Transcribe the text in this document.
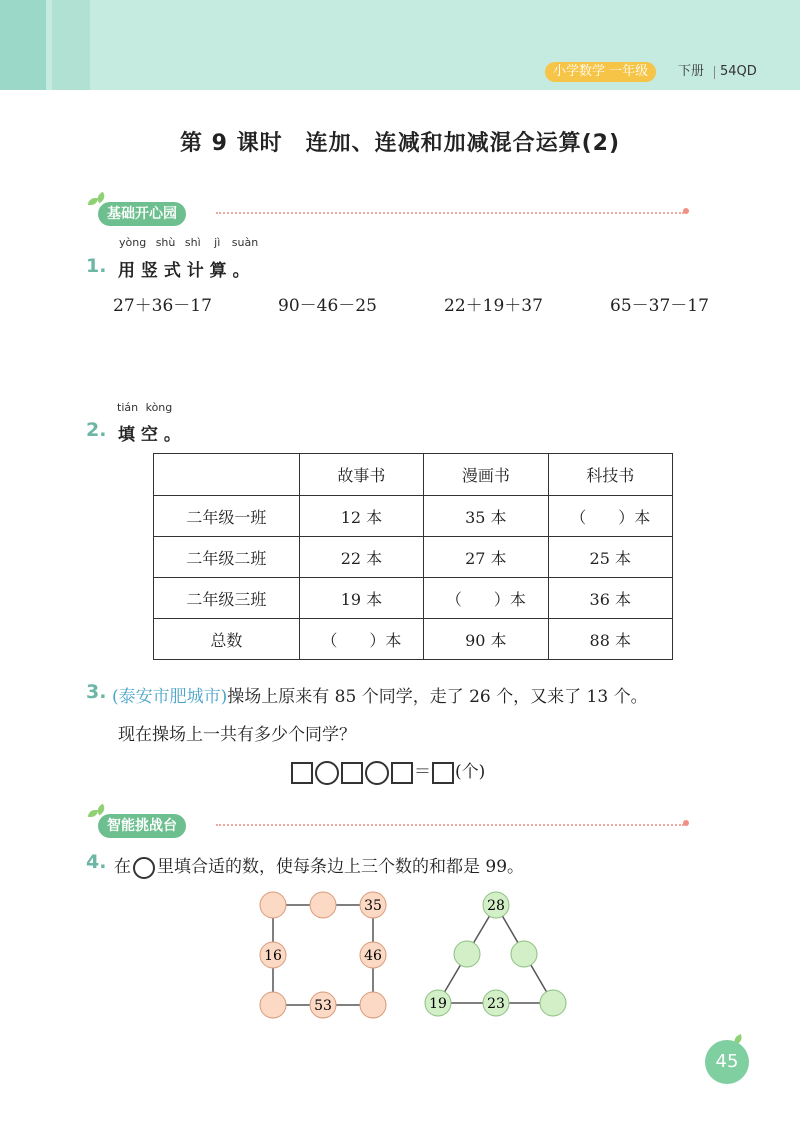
小学数学 一年级	下册 54QD
第 9 课时　连加、连减和加减混合运算(2)
基础开心园
yòng shù shì jì suàn
1. 用 竖 式 计 算 。
27＋36－17	90－46－25	22＋19＋37	65－37－17
tián kòng
2. 填 空 。
	故事书	漫画书	科技书
二年级一班	12 本	35 本	（　　）本
二年级二班	22 本	27 本	25 本
二年级三班	19 本	（　　）本	36 本
总数	（　　）本	90 本	88 本
3. (泰安市肥城市)操场上原来有 85 个同学，走了 26 个，又来了 13 个。
现在操场上一共有多少个同学？
＝ (个)
智能挑战台
4. 在 里填合适的数，使每条边上三个数的和都是 99。
35
16	46
53
28
19	23
45
